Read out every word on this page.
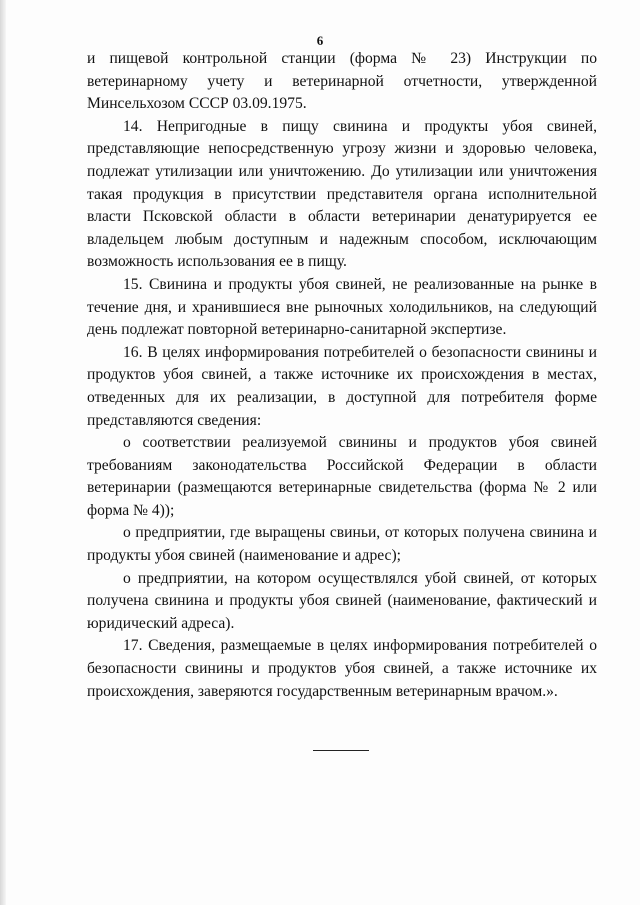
6

и пищевой контрольной станции (форма № 23) Инструкции по ветеринарному учету и ветеринарной отчетности, утвержденной Минсельхозом СССР 03.09.1975.

14. Непригодные в пищу свинина и продукты убоя свиней, представляющие непосредственную угрозу жизни и здоровью человека, подлежат утилизации или уничтожению. До утилизации или уничтожения такая продукция в присутствии представителя органа исполнительной власти Псковской области в области ветеринарии денатурируется ее владельцем любым доступным и надежным способом, исключающим возможность использования ее в пищу.

15. Свинина и продукты убоя свиней, не реализованные на рынке в течение дня, и хранившиеся вне рыночных холодильников, на следующий день подлежат повторной ветеринарно-санитарной экспертизе.

16. В целях информирования потребителей о безопасности свинины и продуктов убоя свиней, а также источнике их происхождения в местах, отведенных для их реализации, в доступной для потребителя форме представляются сведения:

о соответствии реализуемой свинины и продуктов убоя свиней требованиям законодательства Российской Федерации в области ветеринарии (размещаются ветеринарные свидетельства (форма № 2 или форма № 4));

о предприятии, где выращены свиньи, от которых получена свинина и продукты убоя свиней (наименование и адрес);

о предприятии, на котором осуществлялся убой свиней, от которых получена свинина и продукты убоя свиней (наименование, фактический и юридический адреса).

17. Сведения, размещаемые в целях информирования потребителей о безопасности свинины и продуктов убоя свиней, а также источнике их происхождения, заверяются государственным ветеринарным врачом.».
